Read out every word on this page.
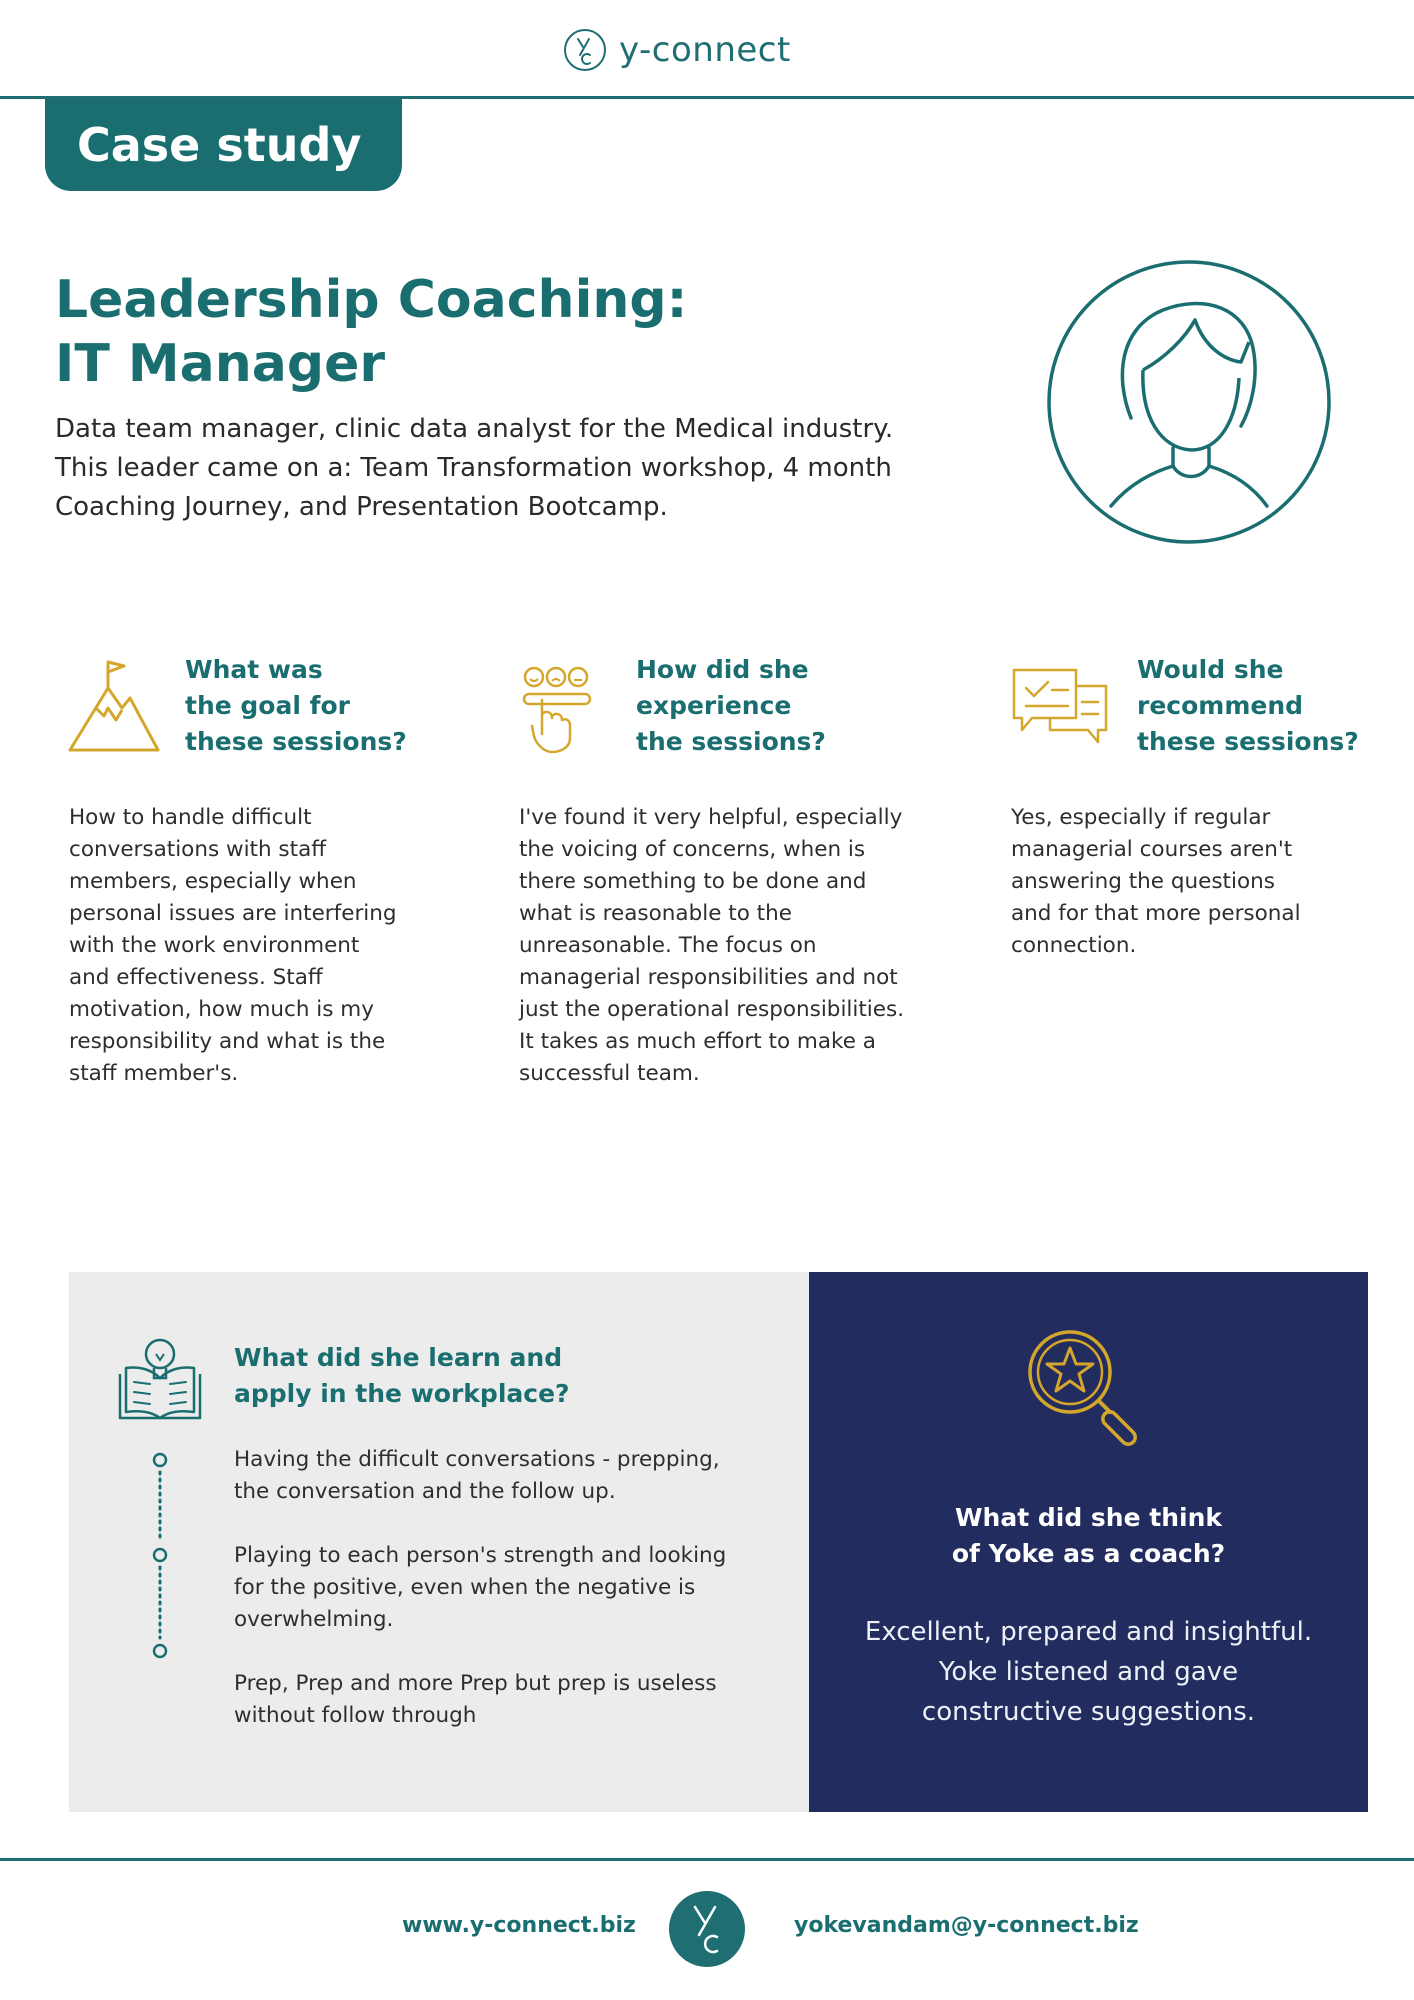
y-connect
Case study
Leadership Coaching:
IT Manager
Data team manager, clinic data analyst for the Medical industry.
This leader came on a: Team Transformation workshop, 4 month
Coaching Journey, and Presentation Bootcamp.
What was
the goal for
these sessions?
How to handle difficult
conversations with staff
members, especially when
personal issues are interfering
with the work environment
and effectiveness. Staff
motivation, how much is my
responsibility and what is the
staff member's.
How did she
experience
the sessions?
I've found it very helpful, especially
the voicing of concerns, when is
there something to be done and
what is reasonable to the
unreasonable. The focus on
managerial responsibilities and not
just the operational responsibilities.
It takes as much effort to make a
successful team.
Would she
recommend
these sessions?
Yes, especially if regular
managerial courses aren't
answering the questions
and for that more personal
connection.
What did she learn and
apply in the workplace?
Having the difficult conversations - prepping,
the conversation and the follow up.
Playing to each person's strength and looking
for the positive, even when the negative is
overwhelming.
Prep, Prep and more Prep but prep is useless
without follow through
What did she think
of Yoke as a coach?
Excellent, prepared and insightful.
Yoke listened and gave
constructive suggestions.
www.y-connect.biz	yokevandam@y-connect.biz
